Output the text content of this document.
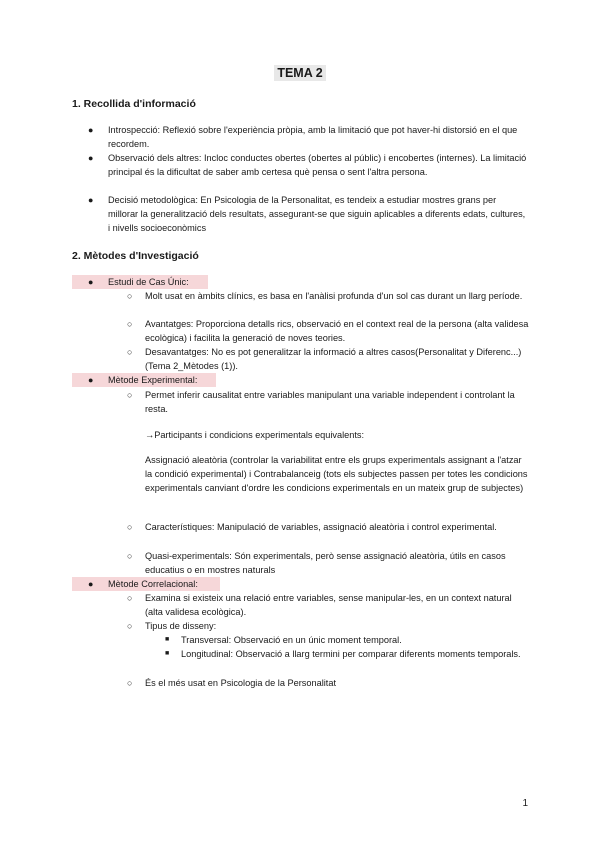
TEMA 2
1. Recollida d'informació
● Introspecció: Reflexió sobre l'experiència pròpia, amb la limitació que pot haver-hi distorsió en el que recordem.
● Observació dels altres: Incloc conductes obertes (obertes al públic) i encobertes (internes). La limitació principal és la dificultat de saber amb certesa què pensa o sent l'altra persona.
● Decisió metodològica: En Psicologia de la Personalitat, es tendeix a estudiar mostres grans per millorar la generalització dels resultats, assegurant-se que siguin aplicables a diferents edats, cultures, i nivells socioeconòmics
2. Mètodes d'Investigació
● Estudi de Cas Únic:
○ Molt usat en àmbits clínics, es basa en l'anàlisi profunda d'un sol cas durant un llarg període.
○ Avantatges: Proporciona detalls rics, observació en el context real de la persona (alta validesa ecològica) i facilita la generació de noves teories.
○ Desavantatges: No es pot generalitzar la informació a altres casos(Personalitat y Diferenc...)(Tema 2_Mètodes (1)).
● Mètode Experimental:
○ Permet inferir causalitat entre variables manipulant una variable independent i controlant la resta.
→Participants i condicions experimentals equivalents:
Assignació aleatòria (controlar la variabilitat entre els grups experimentals assignant a l'atzar la condició experimental) i Contrabalanceig (tots els subjectes passen per totes les condicions experimentals canviant d'ordre les condicions experimentals en un mateix grup de subjectes)
○ Característiques: Manipulació de variables, assignació aleatòria i control experimental.
○ Quasi-experimentals: Són experimentals, però sense assignació aleatòria, útils en casos educatius o en mostres naturals
● Mètode Correlacional:
○ Examina si existeix una relació entre variables, sense manipular-les, en un context natural (alta validesa ecològica).
○ Tipus de disseny:
■ Transversal: Observació en un únic moment temporal.
■ Longitudinal: Observació a llarg termini per comparar diferents moments temporals.
○ És el més usat en Psicologia de la Personalitat
1
